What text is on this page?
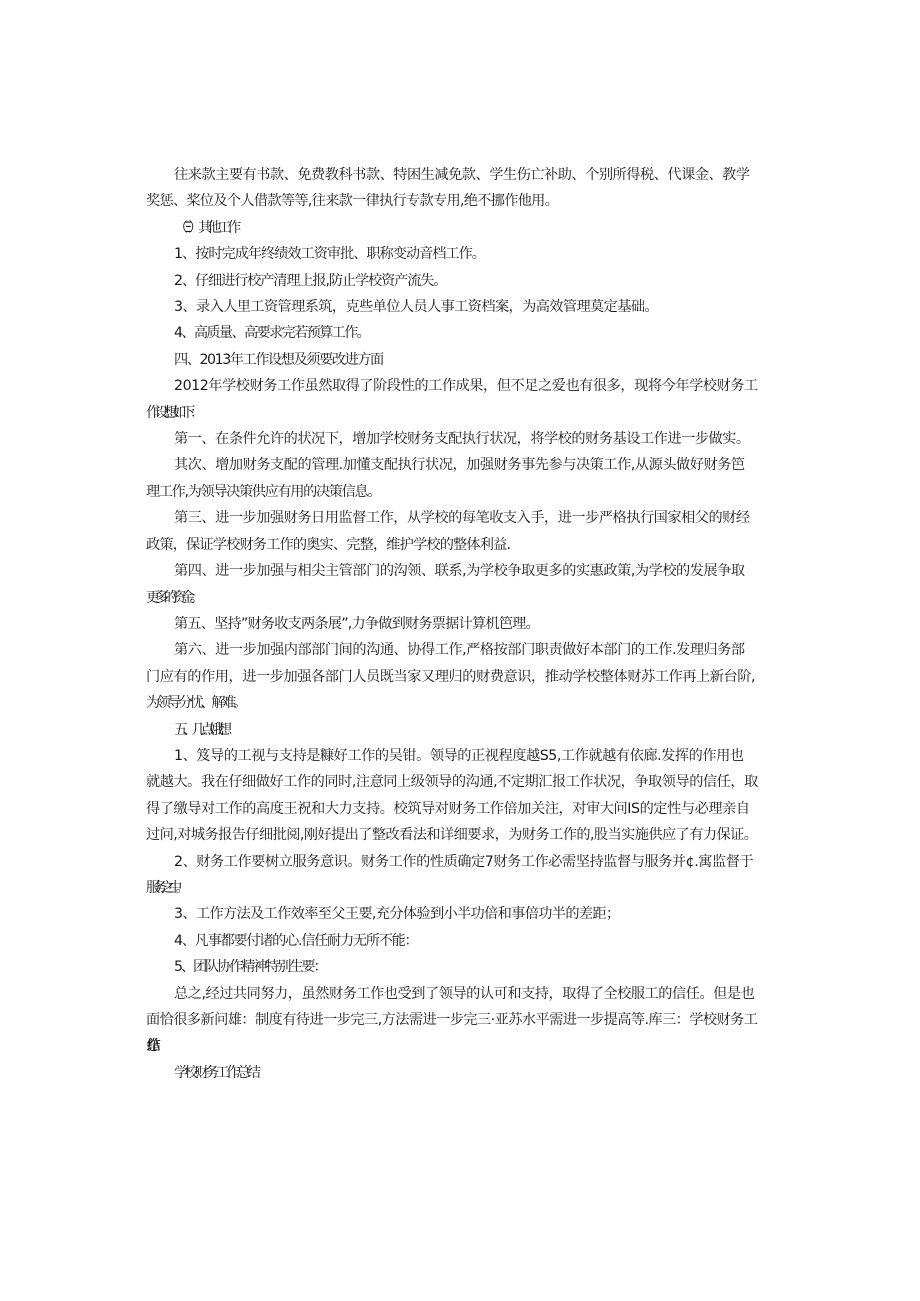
往来款主要有书款、免费教科书款、特困生减免款、学生伤亡补助、个别所得税、代课金、教学
奖惩、桨位及个人借款等等,往来款一律执行专款专用,绝不挪作他用。

（Ξ）其他工作

1、按时完成年终绩效工资审批、职称变动音档工作。

2、仔细进行校产清理上报,防止学校资产流失。

3、录入人里工资管理系筑，克些单位人员人事工资档案，为高效管理莫定基础。

4、高质量、高要求完若预算工作。

四、2013年工作设想及须要改进方面

2012年学校财务工作虽然取得了阶段性的工作成果，但不足之爱也有很多，现将今年学校财务工
作设想如下：

第一、在条件允许的状况下，增加学校财务支配执行状况，将学校的财务基设工作进一步做实。

其次、增加财务支配的管理.加懂支配执行状况，加强财务事先参与决策工作,从源头做好财务笆
理工作,为领导决策供应有用的决策信息。

第三、进一步加强财务日用监督工作，从学校的每笔收支入手，进一步严格执行国家相父的财经
政策，保证学校财务工作的奥实、完整，维护学校的整体利益.

第四、进一步加强与相尖主管部门的沟领、联系,为学校争取更多的实惠政策,为学校的发展争取
更多的资金。

第五、坚持”财务收支两条展”,力争做到财务票据计算机笆理。

第六、进一步加强内部部门间的沟通、协得工作,严格按部门职责做好本部门的工作.发理归务部
门应有的作用，进一步加强各部门人员既当家又理归的财费意识，推动学校整体财苏工作再上新台阶,
为领导分忧、解难。

五、几点娥想

1、笈导的工视与支持是糠好工作的吴钳。领导的正视程度越S5,工作就越有依廊.发挥的作用也
就越大。我在仔细做好工作的同时,注意同上级领导的沟通,不定期汇报工作状况，争取领导的信任，取
得了缴导对工作的高度王祝和大力支持。校筑导对财务工作倍加关注，对审大问IS的定性与必理亲自
过问,对城务报告仔细批阅,刚好提出了整改看法和详细要求，为财务工作的,股当实施供应了有力保证。

2、财务工作要树立服务意识。财务工作的性质确定7财务工作必需坚持监督与服务并¢.寓监督于
服务之中。

3、工作方法及工作效率至父王要,充分体验到小半功倍和事倍功半的差距；

4、凡事都要付诸的心.信任耐力无所不能：

5、团队协作精神特别生要：

总之,经过共同努力，虽然财务工作也受到了领导的认可和支持，取得了全校服工的信任。但是也
面恰很多新问雄：制度有待进一步完三,方法需进一步完三·亚苏水平需进一步提高等.库三：学校财务工
作总结

学校财务工作总结
